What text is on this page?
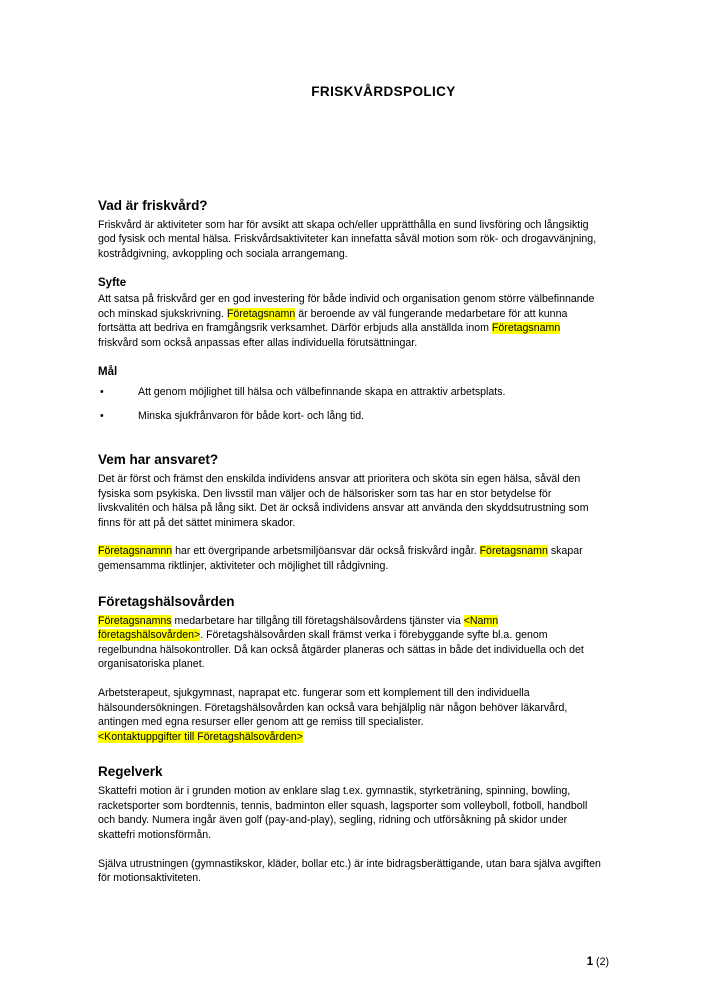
FRISKVÅRDSPOLICY
Vad är friskvård?

Friskvård är aktiviteter som har för avsikt att skapa och/eller upprätthålla en sund livsföring och långsiktig god fysisk och mental hälsa. Friskvårdsaktiviteter kan innefatta såväl motion som rök- och drogavvänjning, kostrådgivning, avkoppling och sociala arrangemang.

Syfte

Att satsa på friskvård ger en god investering för både individ och organisation genom större välbefinnande och minskad sjukskrivning. Företagsnamn är beroende av väl fungerande medarbetare för att kunna fortsätta att bedriva en framgångsrik verksamhet. Därför erbjuds alla anställda inom Företagsnamn friskvård som också anpassas efter allas individuella förutsättningar.

Mål
•	Att genom möjlighet till hälsa och välbefinnande skapa en attraktiv arbetsplats.
•	Minska sjukfrånvaron för både kort- och lång tid.
Vem har ansvaret?

Det är först och främst den enskilda individens ansvar att prioritera och sköta sin egen hälsa, såväl den fysiska som psykiska. Den livsstil man väljer och de hälsorisker som tas har en stor betydelse för livskvalitén och hälsa på lång sikt. Det är också individens ansvar att använda den skyddsutrustning som finns för att på det sättet minimera skador.

Företagsnamnn har ett övergripande arbetsmiljöansvar där också friskvård ingår. Företagsnamn skapar gemensamma riktlinjer, aktiviteter och möjlighet till rådgivning.

Företagshälsovården

Företagsnamns medarbetare har tillgång till företagshälsovårdens tjänster via <Namn företagshälsovården>. Företagshälsovården skall främst verka i förebyggande syfte bl.a. genom regelbundna hälsokontroller. Då kan också åtgärder planeras och sättas in både det individuella och det organisatoriska planet.

Arbetsterapeut, sjukgymnast, naprapat etc. fungerar som ett komplement till den individuella hälsoundersökningen. Företagshälsovården kan också vara behjälplig när någon behöver läkarvård, antingen med egna resurser eller genom att ge remiss till specialister.

<Kontaktuppgifter till Företagshälsovården>

Regelverk

Skattefri motion är i grunden motion av enklare slag t.ex. gymnastik, styrketräning, spinning, bowling, racketsporter som bordtennis, tennis, badminton eller squash, lagsporter som volleyboll, fotboll, handboll och bandy. Numera ingår även golf (pay-and-play), segling, ridning och utförsåkning på skidor under skattefri motionsförmån.

Själva utrustningen (gymnastikskor, kläder, bollar etc.) är inte bidragsberättigande, utan bara själva avgiften för motionsaktiviteten.

1 (2)
